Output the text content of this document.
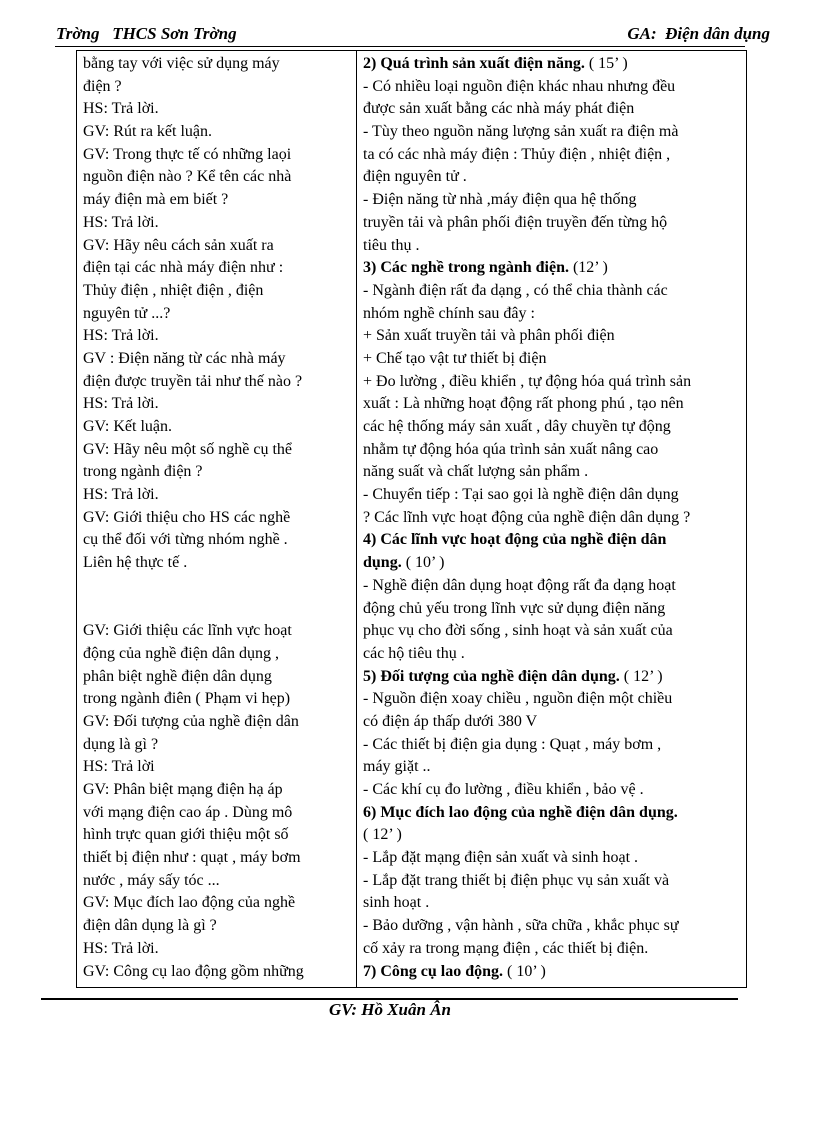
Trờng   THCS Sơn Trờng	GA:  Điện dân dụng
bằng tay với việc sử dụng máy
điện ?
HS: Trả lời.
GV: Rút ra kết luận.
GV: Trong thực tế có những laọi
nguồn điện nào ? Kể tên các nhà
máy điện mà em biết ?
HS: Trả lời.
GV: Hãy nêu cách sản xuất ra
điện tại các nhà máy điện như :
Thủy điện , nhiệt điện , điện
nguyên tử ...?
HS: Trả lời.
GV : Điện năng từ các nhà máy
điện được truyền tải như thế nào ?
HS: Trả lời.
GV: Kết luận.
GV: Hãy nêu một số nghề cụ thể
trong ngành điện ?
HS: Trả lời.
GV: Giới thiệu cho HS các nghề
cụ thể đối với từng nhóm nghề .
Liên hệ thực tế .
GV: Giới thiệu các lĩnh vực hoạt
động của nghề điện dân dụng ,
phân biệt nghề điện dân dụng
trong ngành điên ( Phạm vi hẹp)
GV: Đối tượng của nghề điện dân
dụng là gì ?
HS: Trả lời
GV: Phân biệt mạng điện hạ áp
với mạng điện cao áp . Dùng mô
hình trực quan giới thiệu một số
thiết bị điện như : quạt , máy bơm
nước , máy sấy tóc ...
GV: Mục đích lao động của nghề
điện dân dụng là gì ?
HS: Trả lời.
GV: Công cụ lao động gồm những

2) Quá trình sản xuất điện năng. ( 15’ )
- Có nhiều loại nguồn điện khác nhau nhưng đều
được sản xuất bằng các nhà máy phát điện
- Tùy theo nguồn năng lượng sản xuất ra điện mà
ta có các nhà máy điện : Thủy điện , nhiệt điện ,
điện nguyên tử .
- Điện năng từ nhà ,máy điện qua hệ thống
truyền tải và phân phối điện truyền đến từng hộ
tiêu thụ .
3) Các nghề trong ngành điện. (12’ )
- Ngành điện rất đa dạng , có thể chia thành các
nhóm nghề chính sau đây :
+ Sản xuất truyền tải và phân phối điện
+ Chế tạo vật tư thiết bị điện
+ Đo lường , điều khiển , tự động hóa quá trình sản
xuất : Là những hoạt động rất phong phú , tạo nên
các hệ thống máy sản xuất , dây chuyền tự động
nhằm tự động hóa qúa trình sản xuất nâng cao
năng suất và chất lượng sản phẩm .
- Chuyển tiếp : Tại sao gọi là nghề điện dân dụng
? Các lĩnh vực hoạt động của nghề điện dân dụng ?
4) Các lĩnh vực hoạt động của nghề điện dân
dụng. ( 10’ )
- Nghề điện dân dụng hoạt động rất đa dạng hoạt
động chủ yếu trong lĩnh vực sử dụng điện năng
phục vụ cho đời sống , sinh hoạt và sản xuất của
các hộ tiêu thụ .
5) Đối tượng của nghề điện dân dụng. ( 12’ )
- Nguồn điện xoay chiều , nguồn điện một chiều
có điện áp thấp dưới 380 V
- Các thiết bị điện gia dụng : Quạt , máy bơm ,
máy giặt ..
- Các khí cụ đo lường , điều khiển , bảo vệ .
6) Mục đích lao động của nghề điện dân dụng.
( 12’ )
- Lắp đặt mạng điện sản xuất và sinh hoạt .
- Lắp đặt trang thiết bị điện phục vụ sản xuất và
sinh hoạt .
- Bảo dưỡng , vận hành , sữa chữa , khắc phục sự
cố xảy ra trong mạng điện , các thiết bị điện.
7) Công cụ lao động. ( 10’ )
GV: Hồ Xuân Ân
